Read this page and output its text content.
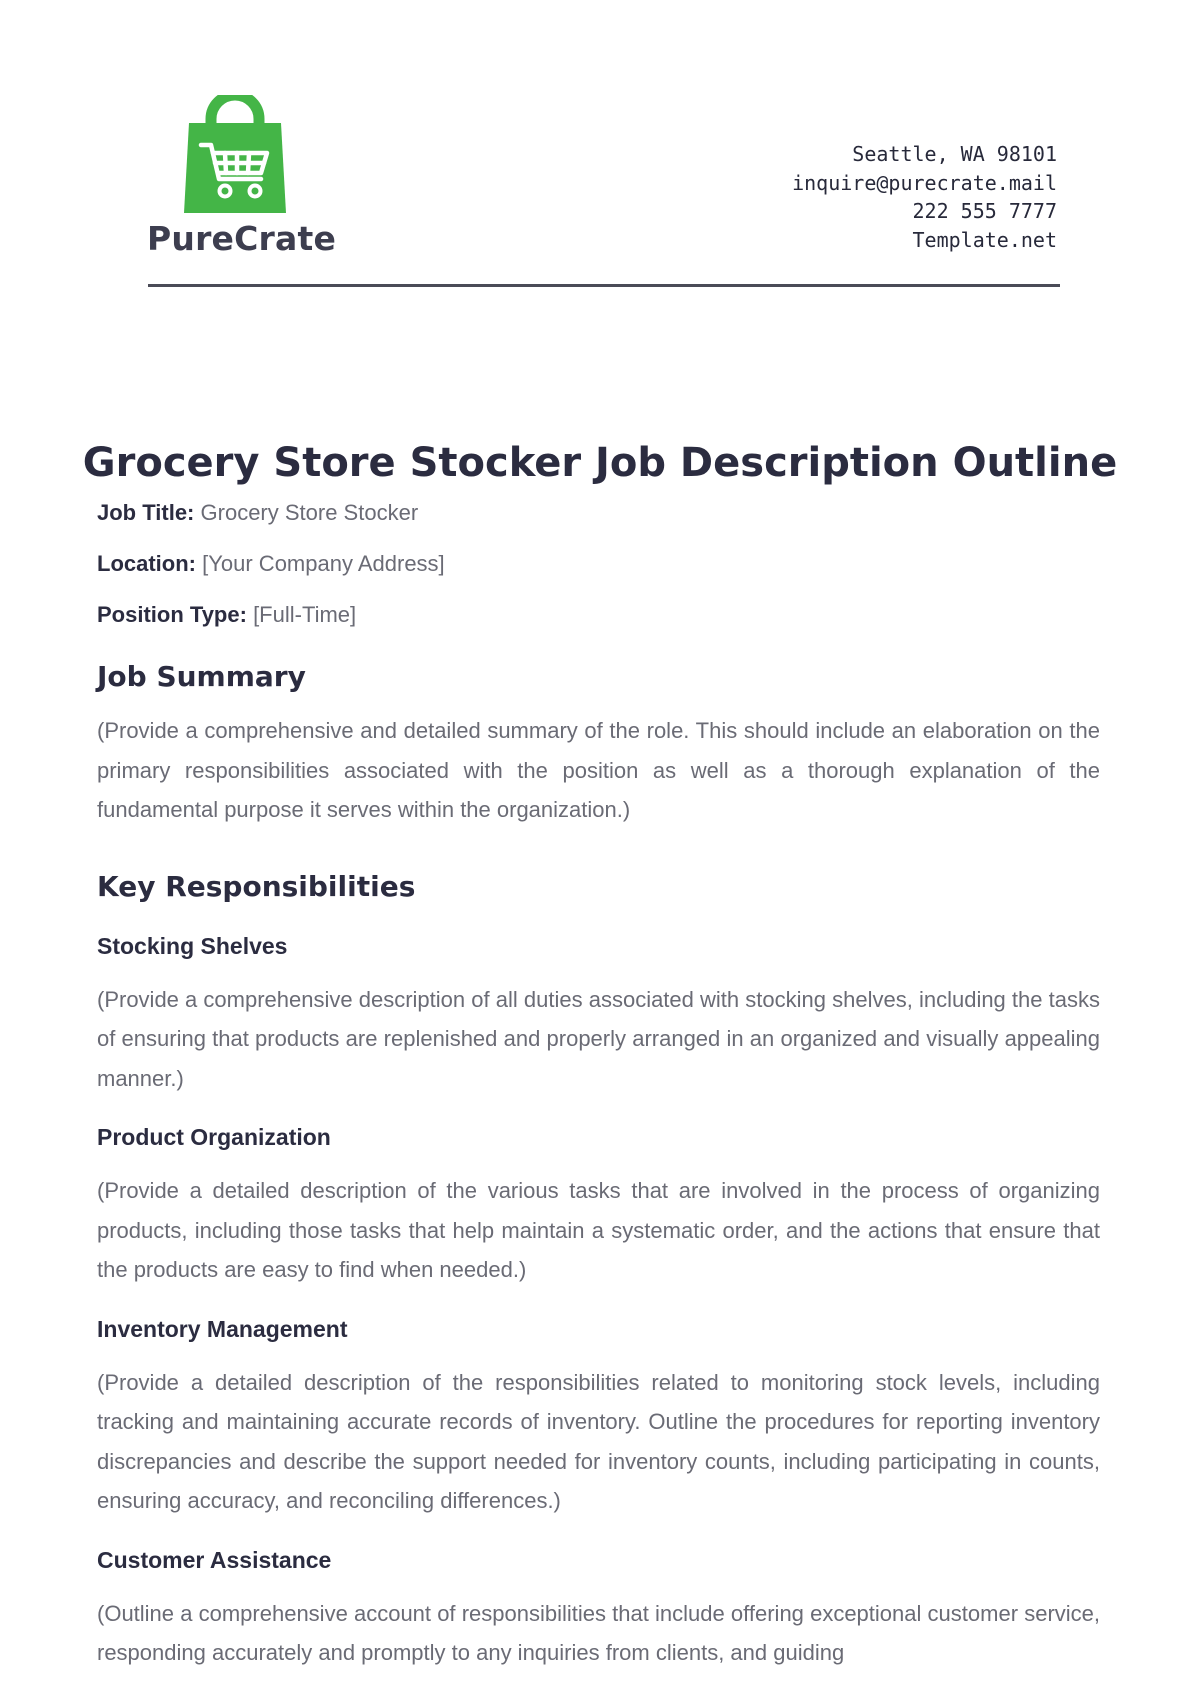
PureCrate
Seattle, WA 98101
inquire@purecrate.mail
222 555 7777
Template.net
Grocery Store Stocker Job Description Outline
Job Title: Grocery Store Stocker
Location: [Your Company Address]
Position Type: [Full-Time]
Job Summary

(Provide a comprehensive and detailed summary of the role. This should include an elaboration on the primary responsibilities associated with the position as well as a thorough explanation of the fundamental purpose it serves within the organization.)

Key Responsibilities
Stocking Shelves

(Provide a comprehensive description of all duties associated with stocking shelves, including the tasks of ensuring that products are replenished and properly arranged in an organized and visually appealing manner.)

Product Organization

(Provide a detailed description of the various tasks that are involved in the process of organizing products, including those tasks that help maintain a systematic order, and the actions that ensure that the products are easy to find when needed.)

Inventory Management

(Provide a detailed description of the responsibilities related to monitoring stock levels, including tracking and maintaining accurate records of inventory. Outline the procedures for reporting inventory discrepancies and describe the support needed for inventory counts, including participating in counts, ensuring accuracy, and reconciling differences.)

Customer Assistance

(Outline a comprehensive account of responsibilities that include offering exceptional customer service, responding accurately and promptly to any inquiries from clients, and guiding
